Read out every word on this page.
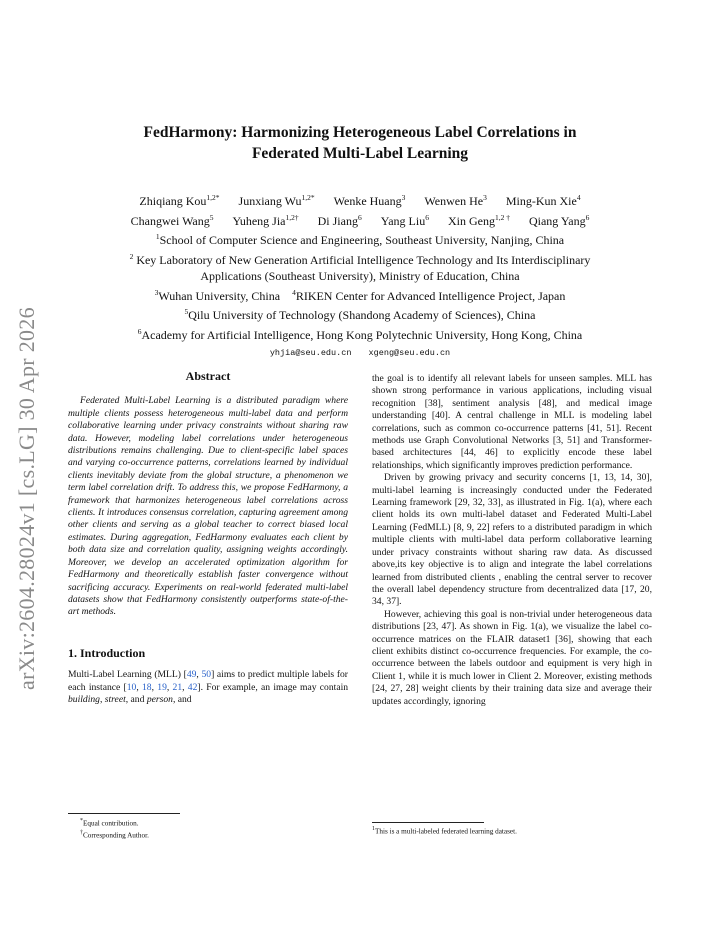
arXiv:2604.28024v1 [cs.LG] 30 Apr 2026
FedHarmony: Harmonizing Heterogeneous Label Correlations in
Federated Multi-Label Learning
Zhiqiang Kou$^{1,2*}$ Junxiang $Wu^{1,2*}$ Wenke Huang$^3$ Wenwen He$^3$ Ming-Kun Xie$^4$
Changwei Wang$^5$ Yuheng Jia$^{1,2\dagger}$ Di Jiang$^6$ Yang Liu$^6$ Xin Geng$^{1,2 \dagger}$ Qiang Yang$^6$
$^1$School of Computer Science and Engineering, Southeast University, Nanjing, China
$^2$ Key Laboratory of New Generation Artificial Intelligence Technology and Its Interdisciplinary
Applications (Southeast University), Ministry of Education, China
$^3$Wuhan University, China $^4$RIKEN Center for Advanced Intelligence Project, Japan
$^5$Qilu University of Technology (Shandong Academy of Sciences), China
$^6$Academy for Artificial Intelligence, Hong Kong Polytechnic University, Hong Kong, China
yhjia@seu.edu.cn xgeng@seu.edu.cn
Abstract

Federated Multi-Label Learning is a distributed paradigm where multiple clients possess heterogeneous multi-label data and perform collaborative learning under privacy constraints without sharing raw data. However, modeling label correlations under heterogeneous distributions remains challenging. Due to client-specific label spaces and varying co-occurrence patterns, correlations learned by individual clients inevitably deviate from the global structure, a phenomenon we term label correlation drift. To address this, we propose FedHarmony, a framework that harmonizes heterogeneous label correlations across clients. It introduces consensus correlation, capturing agreement among other clients and serving as a global teacher to correct biased local estimates. During aggregation, FedHarmony evaluates each client by both data size and correlation quality, assigning weights accordingly. Moreover, we develop an accelerated optimization algorithm for FedHarmony and theoretically establish faster convergence without sacrificing accuracy. Experiments on real-world federated multi-label datasets show that FedHarmony consistently outperforms state-of-the-art methods.

1. Introduction

Multi-Label Learning (MLL) [49, 50] aims to predict multiple labels for each instance [10, 18, 19, 21, 42]. For example, an image may contain building, street, and person, and

*Equal contribution.
†Corresponding Author.

the goal is to identify all relevant labels for unseen samples. MLL has shown strong performance in various applications, including visual recognition [38], sentiment analysis [48], and medical image understanding [40]. A central challenge in MLL is modeling label correlations, such as common co-occurrence patterns [41, 51]. Recent methods use Graph Convolutional Networks [3, 51] and Transformer-based architectures [44, 46] to explicitly encode these label relationships, which significantly improves prediction performance.

Driven by growing privacy and security concerns [1, 13, 14, 30], multi-label learning is increasingly conducted under the Federated Learning framework [29, 32, 33], as illustrated in Fig. 1(a), where each client holds its own multi-label dataset and Federated Multi-Label Learning (FedMLL) [8, 9, 22] refers to a distributed paradigm in which multiple clients with multi-label data perform collaborative learning under privacy constraints without sharing raw data. As discussed above,its key objective is to align and integrate the label correlations learned from distributed clients , enabling the central server to recover the overall label dependency structure from decentralized data [17, 20, 34, 37].

However, achieving this goal is non-trivial under heterogeneous data distributions [23, 47]. As shown in Fig. 1(a), we visualize the label co-occurrence matrices on the FLAIR dataset1 [36], showing that each client exhibits distinct co-occurrence frequencies. For example, the co-occurrence between the labels outdoor and equipment is very high in Client 1, while it is much lower in Client 2. Moreover, existing methods [24, 27, 28] weight clients by their training data size and average their updates accordingly, ignoring

$^1$This is a multi-labeled federated learning dataset.
